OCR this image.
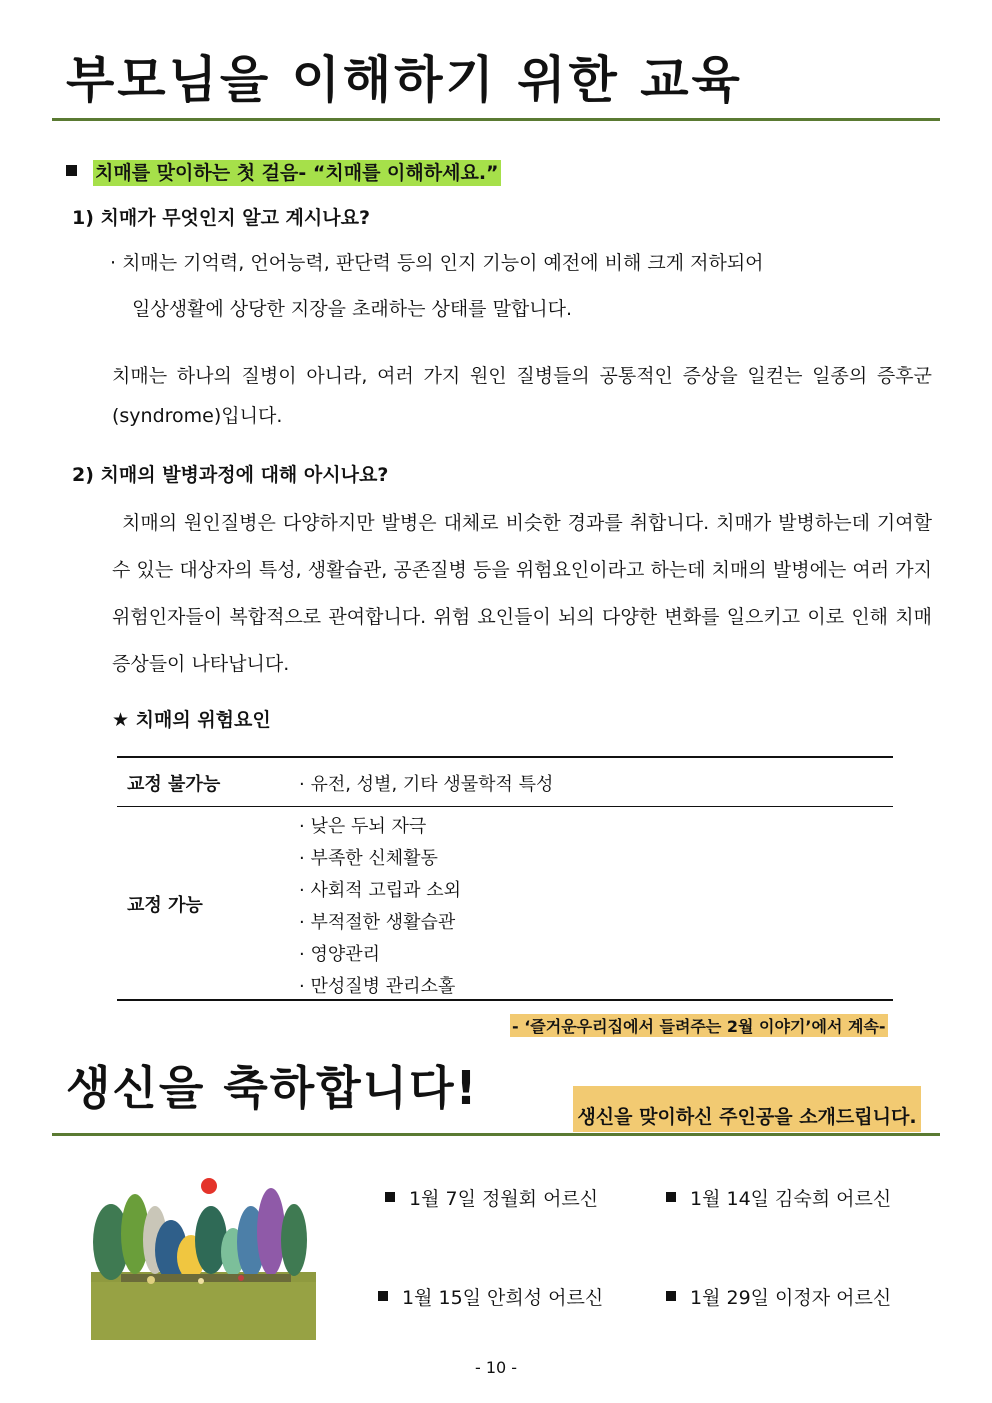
부모님을 이해하기 위한 교육
치매를 맞이하는 첫 걸음- “치매를 이해하세요.”
1) 치매가 무엇인지 알고 계시나요?
· 치매는 기억력, 언어능력, 판단력 등의 인지 기능이 예전에 비해 크게 저하되어
일상생활에 상당한 지장을 초래하는 상태를 말합니다.
치매는 하나의 질병이 아니라, 여러 가지 원인 질병들의 공통적인 증상을 일컫는 일종의 증후군(syndrome)입니다.
2) 치매의 발병과정에 대해 아시나요?
치매의 원인질병은 다양하지만 발병은 대체로 비슷한 경과를 취합니다. 치매가 발병하는데 기여할 수 있는 대상자의 특성, 생활습관, 공존질병 등을 위험요인이라고 하는데 치매의 발병에는 여러 가지 위험인자들이 복합적으로 관여합니다. 위험 요인들이 뇌의 다양한 변화를 일으키고 이로 인해 치매 증상들이 나타납니다.
★ 치매의 위험요인
교정 불가능	· 유전, 성별, 기타 생물학적 특성
교정 가능
· 낮은 두뇌 자극
· 부족한 신체활동
· 사회적 고립과 소외
· 부적절한 생활습관
· 영양관리
· 만성질병 관리소홀
- ‘즐거운우리집에서 들려주는 2월 이야기’에서 계속-
생신을 축하합니다!
생신을 맞이하신 주인공을 소개드립니다.
1월 7일 정월회 어르신	1월 14일 김숙희 어르신
1월 15일 안희성 어르신	1월 29일 이정자 어르신
- 10 -
